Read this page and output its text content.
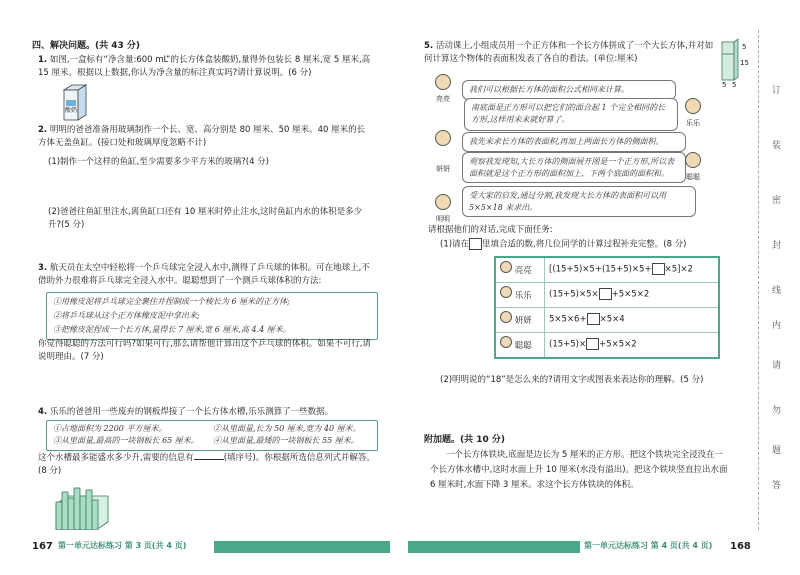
四、解决问题。(共 43 分)
1. 如图,一盒标有“净含量:600 mL”的长方体盒装酸奶,量得外包装长 8 厘米,宽 5 厘米,高 15 厘米。根据以上数据,你认为净含量的标注真实吗?请计算说明。(6 分)
酸奶
2. 明明的爸爸准备用玻璃制作一个长、宽、高分别是 80 厘米、50 厘米、40 厘米的长方体无盖鱼缸。(接口处和玻璃厚度忽略不计)
(1)制作一个这样的鱼缸,至少需要多少平方米的玻璃?(4 分)
(2)爸爸往鱼缸里注水,离鱼缸口还有 10 厘米时停止注水,这时鱼缸内水的体积是多少升?(5 分)
3. 航天员在太空中轻松将一个乒乓球完全浸入水中,测得了乒乓球的体积。可在地球上,不借助外力很难将乒乓球完全浸入水中。聪聪想到了一个测乒乓球体积的方法:
①用橡皮泥将乒乓球完全裹住并捏制成一个棱长为 6 厘米的正方体;
②将乒乓球从这个正方体橡皮泥中拿出来;
③把橡皮泥捏成一个长方体,量得长 7 厘米,宽 6 厘米,高 4.4 厘米。
你觉得聪聪的方法可行吗?如果可行,那么请帮他计算出这个乒乓球的体积。如果不可行,请说明理由。(7 分)
4. 乐乐的爸爸用一些废弃的钢板焊接了一个长方体水槽,乐乐测算了一些数据。
①占地面积为 2200 平方厘米。	②从里面量,长为 50 厘米,宽为 40 厘米。
③从里面量,最高的一块钢板长 65 厘米。	④从里面量,最矮的一块钢板长 55 厘米。
这个水槽最多能盛水多少升,需要的信息有	(填序号)。你根据所选信息列式并解答。(8 分)
167 第一单元达标练习 第 3 页(共 4 页)
5. 活动课上,小组成员用一个正方体和一个长方体拼成了一个大长方体,并对如何计算这个物体的表面积发表了各自的看法。(单位:厘米)
5
15
5 5
亮亮
我们可以根据长方体的面积公式相同来计算。
南底面是正方形可以把它们的面合起 1 个完全相同的长方形,这样用来来就好算了。	乐乐
我先来求长方体的表面积,再加上两面长方体的侧面积。
妍妍
观察我发现知,大长方体的侧面展开图是一个正方形,所以表面积就是这个正方形的面积加上、下两个底面的面积和。	聪聪
明明
受大家的启发,通过分割,我发现大长方体的表面积可以用 5×5×18 来求出。
请根据他们的对话,完成下面任务:
(1)请在 里填合适的数,将几位同学的计算过程补充完整。(8 分)
亮亮	[(15+5)×5+(15+5)×5+ ×5]×2
乐乐	(15+5)×5× +5×5×2
妍妍	5×5×6+ ×5×4
聪聪	(15+5)× +5×5×2
(2)明明说的“18”是怎么来的?请用文字或图表来表达你的理解。(5 分)
附加题。(共 10 分)
一个长方体铁块,底面是边长为 5 厘米的正方形。把这个铁块完全浸没在一个长方体水槽中,这时水面上升 10 厘米(水没有溢出)。把这个铁块竖直拉出水面 6 厘米时,水面下降 3 厘米。求这个长方体铁块的体积。
第一单元达标练习 第 4 页(共 4 页) 168
订
装
密
封
线
内
请
勿
题
答
